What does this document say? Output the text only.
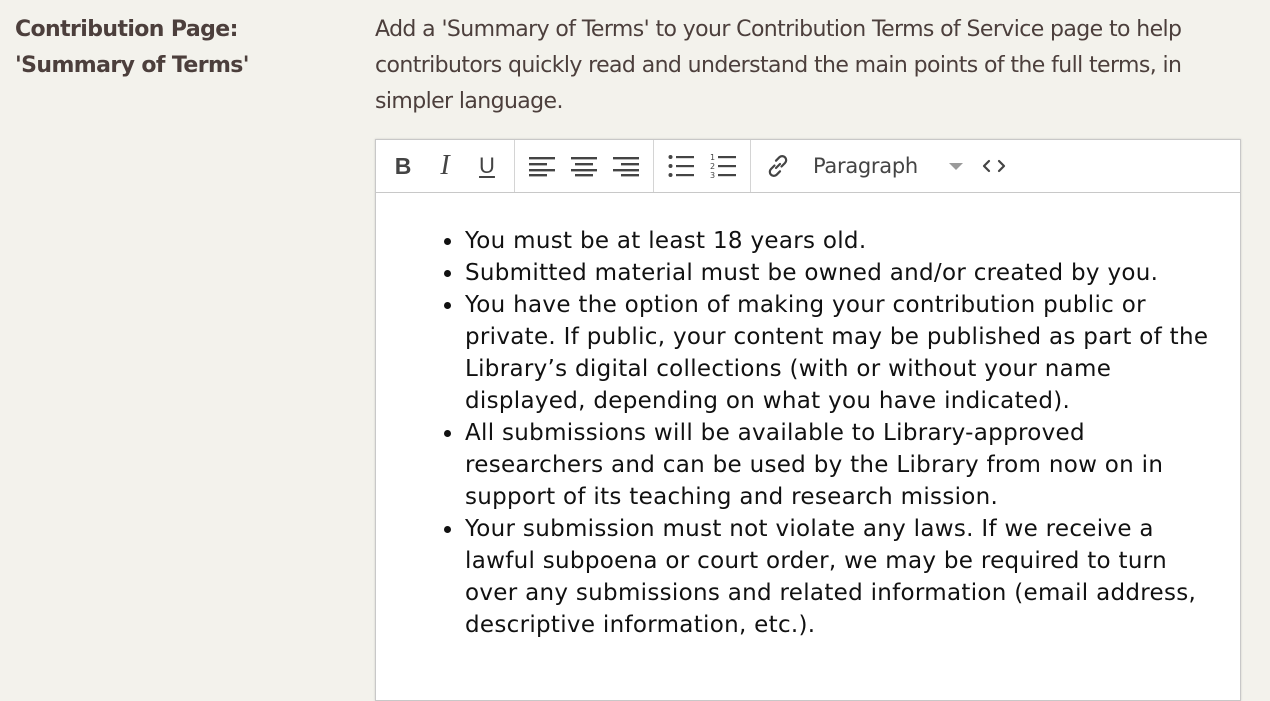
Contribution Page: 'Summary of Terms'
Add a 'Summary of Terms' to your Contribution Terms of Service page to help contributors quickly read and understand the main points of the full terms, in simpler language.
B I U	1
2
3	Paragraph
• You must be at least 18 years old.
• Submitted material must be owned and/or created by you.
• You have the option of making your contribution public or private. If public, your content may be published as part of the Library’s digital collections (with or without your name displayed, depending on what you have indicated).
• All submissions will be available to Library-approved researchers and can be used by the Library from now on in support of its teaching and research mission.
• Your submission must not violate any laws. If we receive a lawful subpoena or court order, we may be required to turn over any submissions and related information (email address, descriptive information, etc.).
